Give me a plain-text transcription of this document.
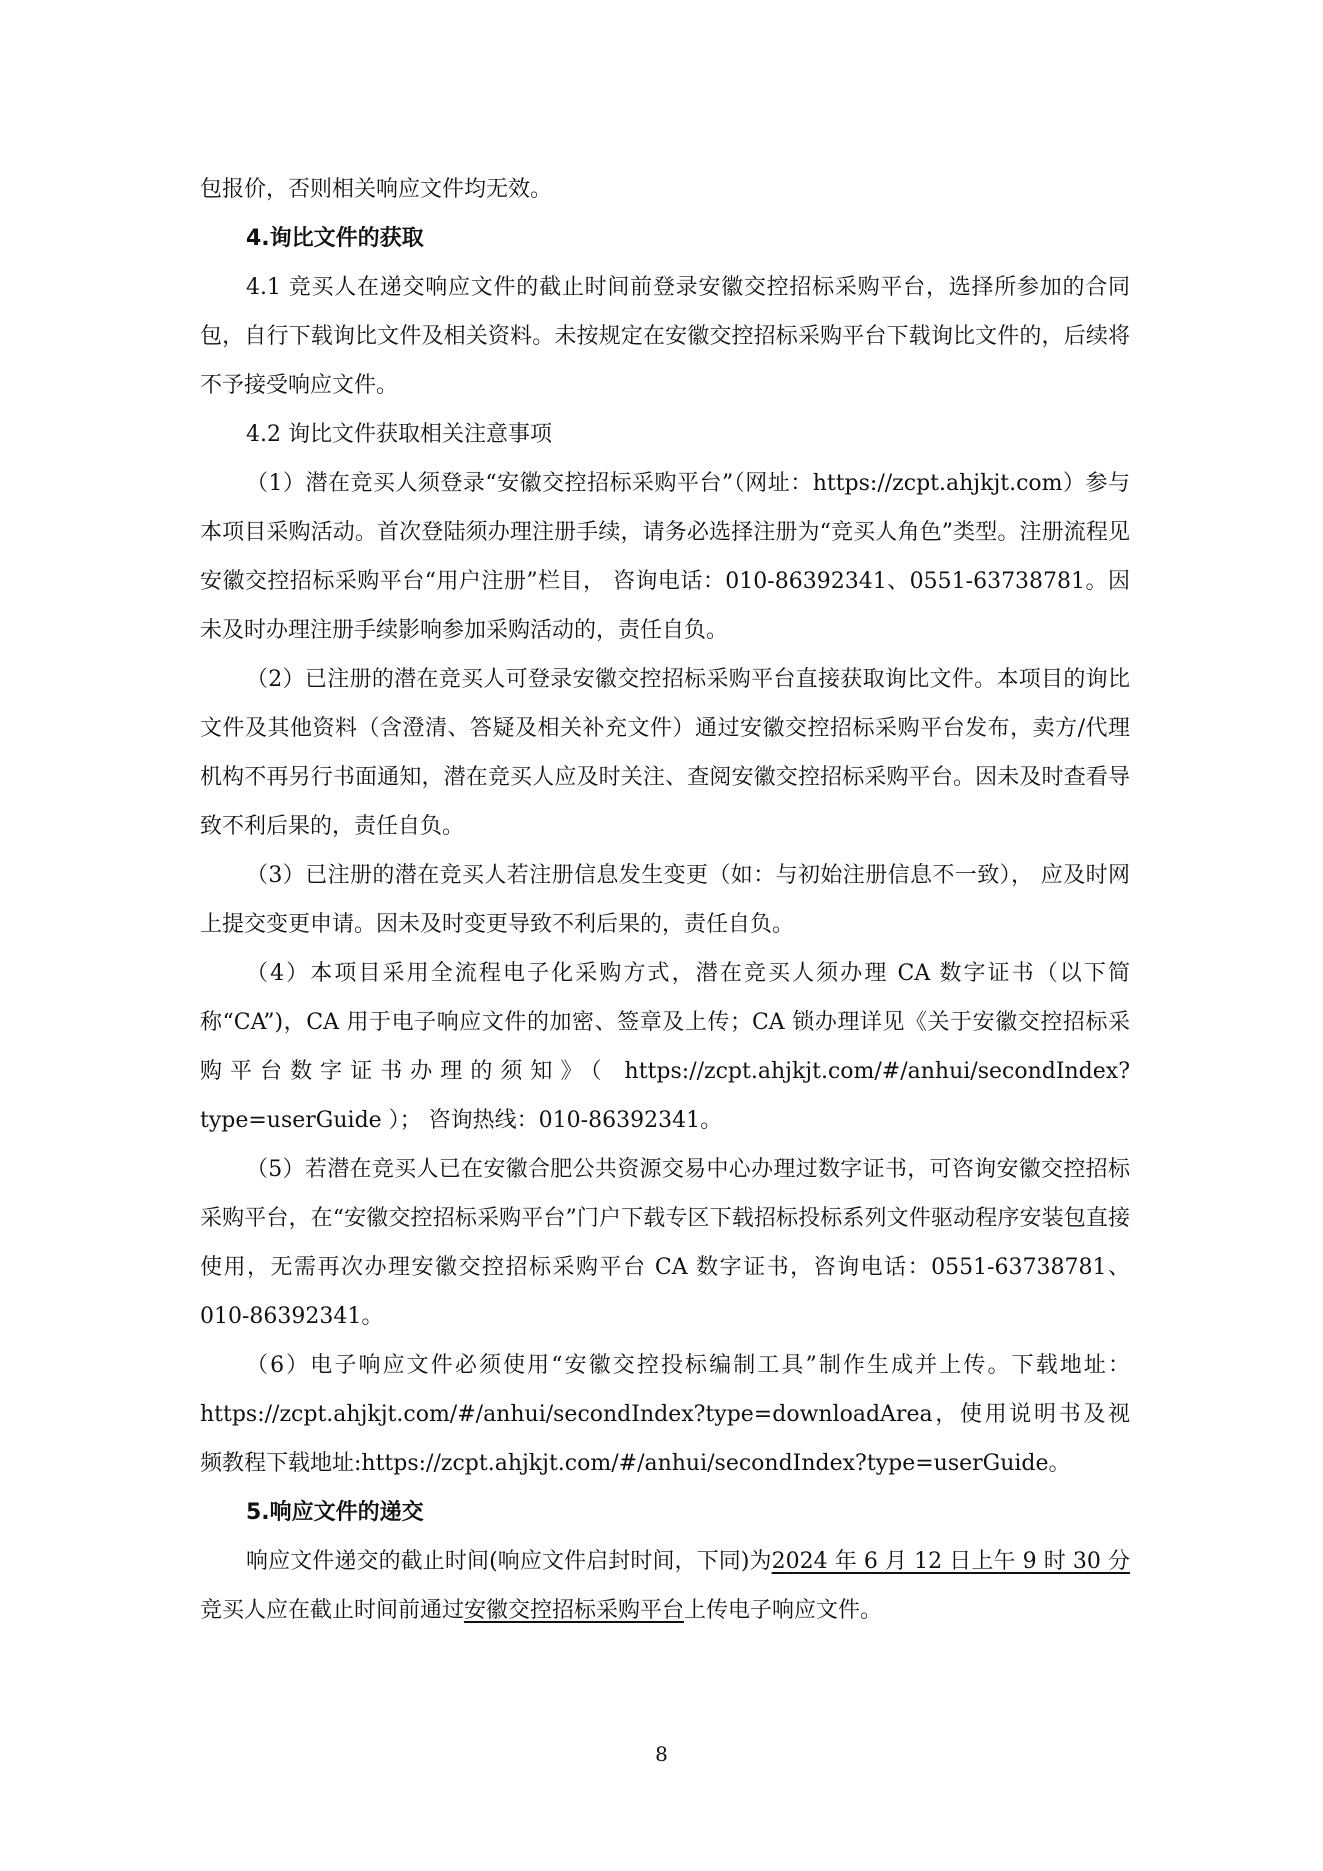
包报价，否则相关响应文件均无效。

4.询比文件的获取

4.1 竞买人在递交响应文件的截止时间前登录安徽交控招标采购平台，选择所参加的合同包，自行下载询比文件及相关资料。未按规定在安徽交控招标采购平台下载询比文件的，后续将不予接受响应文件。

4.2 询比文件获取相关注意事项

（1）潜在竞买人须登录“安徽交控招标采购平台”（网址：https://zcpt.ahjkjt.com）参与本项目采购活动。首次登陆须办理注册手续，请务必选择注册为“竞买人角色”类型。注册流程见安徽交控招标采购平台“用户注册”栏目， 咨询电话：010-86392341、0551-63738781。因未及时办理注册手续影响参加采购活动的，责任自负。

（2）已注册的潜在竞买人可登录安徽交控招标采购平台直接获取询比文件。本项目的询比文件及其他资料（含澄清、答疑及相关补充文件）通过安徽交控招标采购平台发布，卖方/代理机构不再另行书面通知，潜在竞买人应及时关注、查阅安徽交控招标采购平台。因未及时查看导致不利后果的，责任自负。

（3）已注册的潜在竞买人若注册信息发生变更（如：与初始注册信息不一致）， 应及时网上提交变更申请。因未及时变更导致不利后果的，责任自负。

（4）本项目采用全流程电子化采购方式，潜在竞买人须办理 CA 数字证书（以下简称“CA”)，CA 用于电子响应文件的加密、签章及上传；CA 锁办理详见《关于安徽交控招标采购平台数字证书办理的须知》（ https://zcpt.ahjkjt.com/#/anhui/secondIndex?type=userGuide ）； 咨询热线：010-86392341。

（5）若潜在竞买人已在安徽合肥公共资源交易中心办理过数字证书，可咨询安徽交控招标采购平台，在“安徽交控招标采购平台”门户下载专区下载招标投标系列文件驱动程序安装包直接使用，无需再次办理安徽交控招标采购平台 CA 数字证书，咨询电话：0551-63738781、010-86392341。

（6）电子响应文件必须使用“安徽交控投标编制工具”制作生成并上传。下载地址：https://zcpt.ahjkjt.com/#/anhui/secondIndex?type=downloadArea，使用说明书及视频教程下载地址:https://zcpt.ahjkjt.com/#/anhui/secondIndex?type=userGuide。

5.响应文件的递交

响应文件递交的截止时间(响应文件启封时间，下同)为2024 年 6 月 12 日上午 9 时 30 分 竞买人应在截止时间前通过安徽交控招标采购平台上传电子响应文件。

8
